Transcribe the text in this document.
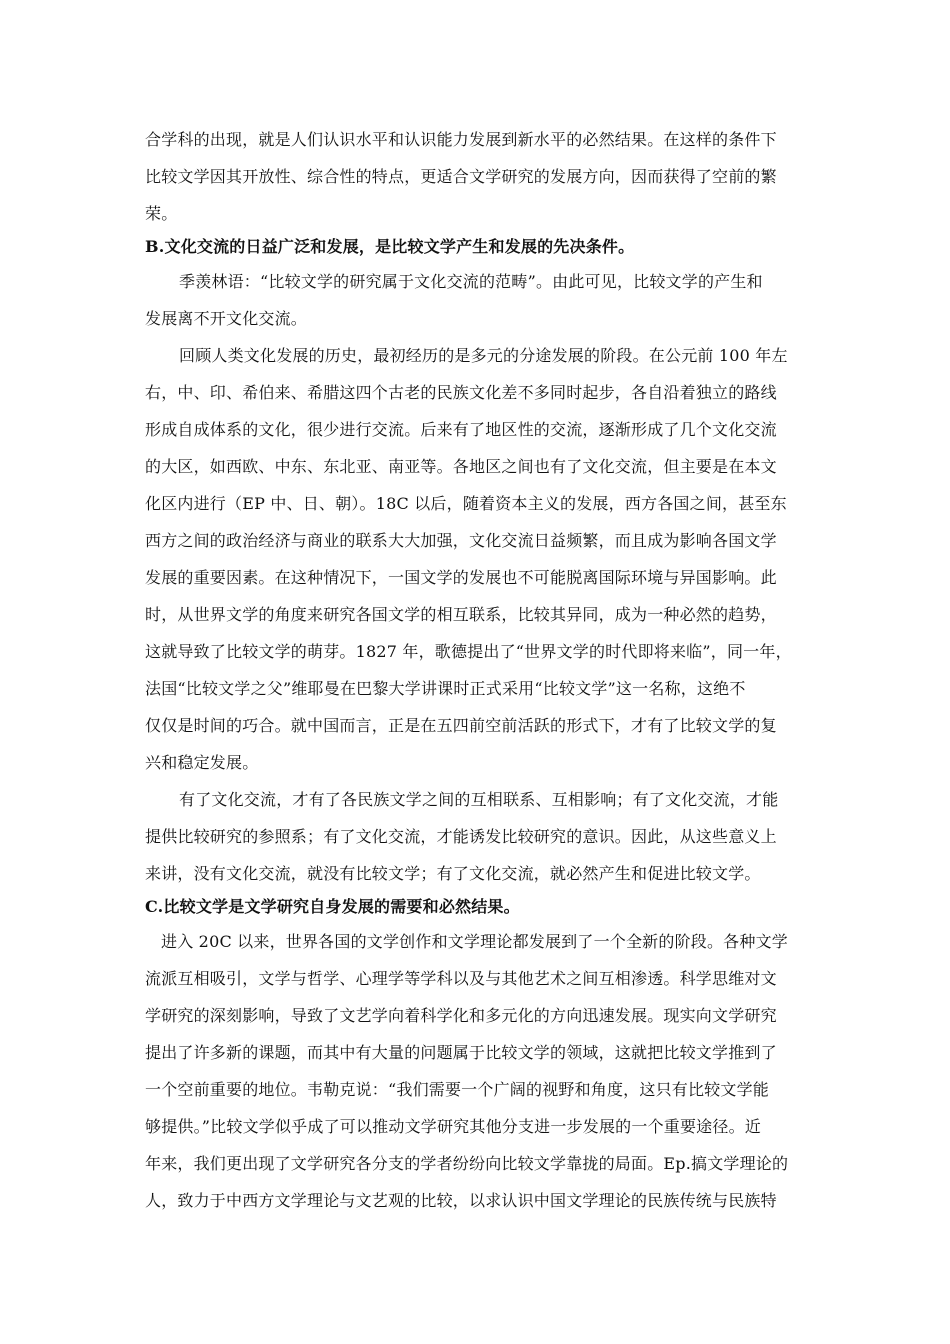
合学科的出现，就是人们认识水平和认识能力发展到新水平的必然结果。在这样的条件下
比较文学因其开放性、综合性的特点，更适合文学研究的发展方向，因而获得了空前的繁
荣。
B.文化交流的日益广泛和发展，是比较文学产生和发展的先决条件。
季羡林语：“比较文学的研究属于文化交流的范畴”。由此可见，比较文学的产生和
发展离不开文化交流。
回顾人类文化发展的历史，最初经历的是多元的分途发展的阶段。在公元前 100 年左
右，中、印、希伯来、希腊这四个古老的民族文化差不多同时起步，各自沿着独立的路线
形成自成体系的文化，很少进行交流。后来有了地区性的交流，逐渐形成了几个文化交流
的大区，如西欧、中东、东北亚、南亚等。各地区之间也有了文化交流，但主要是在本文
化区内进行（EP 中、日、朝）。18C 以后，随着资本主义的发展，西方各国之间，甚至东
西方之间的政治经济与商业的联系大大加强，文化交流日益频繁，而且成为影响各国文学
发展的重要因素。在这种情况下，一国文学的发展也不可能脱离国际环境与异国影响。此
时，从世界文学的角度来研究各国文学的相互联系，比较其异同，成为一种必然的趋势，
这就导致了比较文学的萌芽。1827 年，歌德提出了“世界文学的时代即将来临”，同一年，
法国“比较文学之父”维耶曼在巴黎大学讲课时正式采用“比较文学”这一名称，这绝不
仅仅是时间的巧合。就中国而言，正是在五四前空前活跃的形式下，才有了比较文学的复
兴和稳定发展。
有了文化交流，才有了各民族文学之间的互相联系、互相影响；有了文化交流，才能
提供比较研究的参照系；有了文化交流，才能诱发比较研究的意识。因此，从这些意义上
来讲，没有文化交流，就没有比较文学；有了文化交流，就必然产生和促进比较文学。
C.比较文学是文学研究自身发展的需要和必然结果。
进入 20C 以来，世界各国的文学创作和文学理论都发展到了一个全新的阶段。各种文学
流派互相吸引，文学与哲学、心理学等学科以及与其他艺术之间互相渗透。科学思维对文
学研究的深刻影响，导致了文艺学向着科学化和多元化的方向迅速发展。现实向文学研究
提出了许多新的课题，而其中有大量的问题属于比较文学的领域，这就把比较文学推到了
一个空前重要的地位。韦勒克说：“我们需要一个广阔的视野和角度，这只有比较文学能
够提供。”比较文学似乎成了可以推动文学研究其他分支进一步发展的一个重要途径。近
年来，我们更出现了文学研究各分支的学者纷纷向比较文学靠拢的局面。Ep.搞文学理论的
人，致力于中西方文学理论与文艺观的比较，以求认识中国文学理论的民族传统与民族特
